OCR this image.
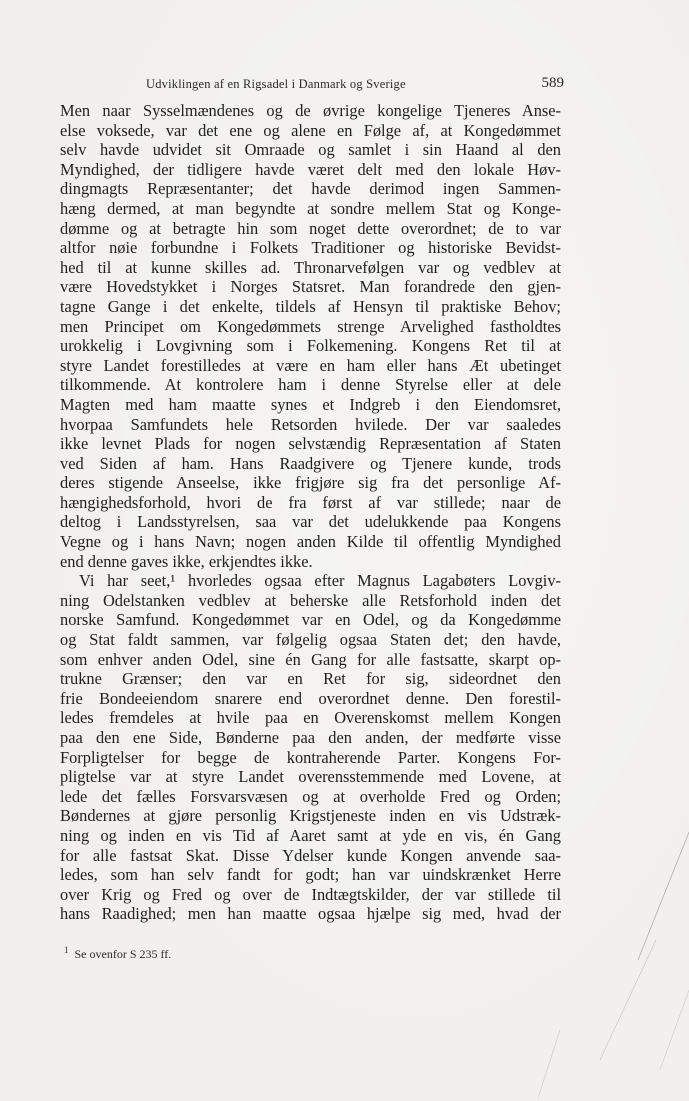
Udviklingen af en Rigsadel i Danmark og Sverige	589
Men naar Sysselmændenes og de øvrige kongelige Tjeneres Anse-
else voksede, var det ene og alene en Følge af, at Kongedømmet
selv havde udvidet sit Omraade og samlet i sin Haand al den
Myndighed, der tidligere havde været delt med den lokale Høv-
dingmagts Repræsentanter; det havde derimod ingen Sammen-
hæng dermed, at man begyndte at sondre mellem Stat og Konge-
dømme og at betragte hin som noget dette overordnet; de to var
altfor nøie forbundne i Folkets Traditioner og historiske Bevidst-
hed til at kunne skilles ad. Thronarvefølgen var og vedblev at
være Hovedstykket i Norges Statsret. Man forandrede den gjen-
tagne Gange i det enkelte, tildels af Hensyn til praktiske Behov;
men Principet om Kongedømmets strenge Arvelighed fastholdtes
urokkelig i Lovgivning som i Folkemening. Kongens Ret til at
styre Landet forestilledes at være en ham eller hans Æt ubetinget
tilkommende. At kontrolere ham i denne Styrelse eller at dele
Magten med ham maatte synes et Indgreb i den Eiendomsret,
hvorpaa Samfundets hele Retsorden hvilede. Der var saaledes
ikke levnet Plads for nogen selvstændig Repræsentation af Staten
ved Siden af ham. Hans Raadgivere og Tjenere kunde, trods
deres stigende Anseelse, ikke frigjøre sig fra det personlige Af-
hængighedsforhold, hvori de fra først af var stillede; naar de
deltog i Landsstyrelsen, saa var det udelukkende paa Kongens
Vegne og i hans Navn; nogen anden Kilde til offentlig Myndighed
end denne gaves ikke, erkjendtes ikke.
Vi har seet,¹ hvorledes ogsaa efter Magnus Lagabøters Lovgiv-
ning Odelstanken vedblev at beherske alle Retsforhold inden det
norske Samfund. Kongedømmet var en Odel, og da Kongedømme
og Stat faldt sammen, var følgelig ogsaa Staten det; den havde,
som enhver anden Odel, sine én Gang for alle fastsatte, skarpt op-
trukne Grænser; den var en Ret for sig, sideordnet den
frie Bondeeiendom snarere end overordnet denne. Den forestil-
ledes fremdeles at hvile paa en Overenskomst mellem Kongen
paa den ene Side, Bønderne paa den anden, der medførte visse
Forpligtelser for begge de kontraherende Parter. Kongens For-
pligtelse var at styre Landet overensstemmende med Lovene, at
lede det fælles Forsvarsvæsen og at overholde Fred og Orden;
Bøndernes at gjøre personlig Krigstjeneste inden en vis Udstræk-
ning og inden en vis Tid af Aaret samt at yde en vis, én Gang
for alle fastsat Skat. Disse Ydelser kunde Kongen anvende saa-
ledes, som han selv fandt for godt; han var uindskrænket Herre
over Krig og Fred og over de Indtægtskilder, der var stillede til
hans Raadighed; men han maatte ogsaa hjælpe sig med, hvad der
$^1$ Se ovenfor S 235 ff.
